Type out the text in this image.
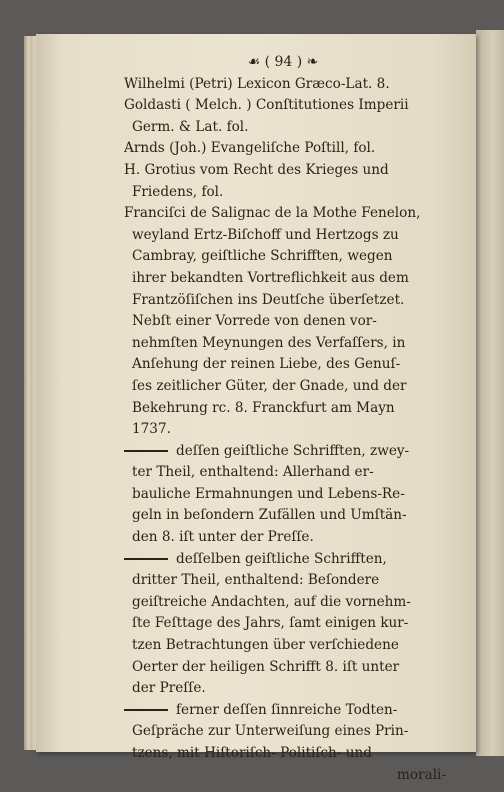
☙ ( 94 ) ❧
Wilhelmi (Petri) Lexicon Græco-Lat. 8.
Goldasti ( Melch. ) Conſtitutiones Imperii
Germ. & Lat. fol.
Arnds (Joh.) Evangeliſche Poſtill, fol.
H. Grotius vom Recht des Krieges und
Friedens, fol.
Franciſci de Salignac de la Mothe Fenelon,
weyland Ertz-Biſchoff und Hertzogs zu
Cambray, geiſtliche Schrifften, wegen
ihrer bekandten Vortreflichkeit aus dem
Frantzöſiſchen ins Deutſche überſetzet.
Nebſt einer Vorrede von denen vor-
nehmſten Meynungen des Verfaſſers, in
Anſehung der reinen Liebe, des Genuſ-
ſes zeitlicher Güter, der Gnade, und der
Bekehrung rc. 8. Franckfurt am Mayn
1737.
deſſen geiſtliche Schrifften, zwey-
ter Theil, enthaltend: Allerhand er-
bauliche Ermahnungen und Lebens-Re-
geln in beſondern Zufällen und Umſtän-
den 8. iſt unter der Preſſe.
deſſelben geiſtliche Schrifften,
dritter Theil, enthaltend: Beſondere
geiſtreiche Andachten, auf die vornehm-
ſte Feſttage des Jahrs, ſamt einigen kur-
tzen Betrachtungen über verſchiedene
Oerter der heiligen Schrifft 8. iſt unter
der Preſſe.
ferner deſſen ſinnreiche Todten-
Geſpräche zur Unterweiſung eines Prin-
tzens, mit Hiſtoriſch- Politiſch- und
morali-
